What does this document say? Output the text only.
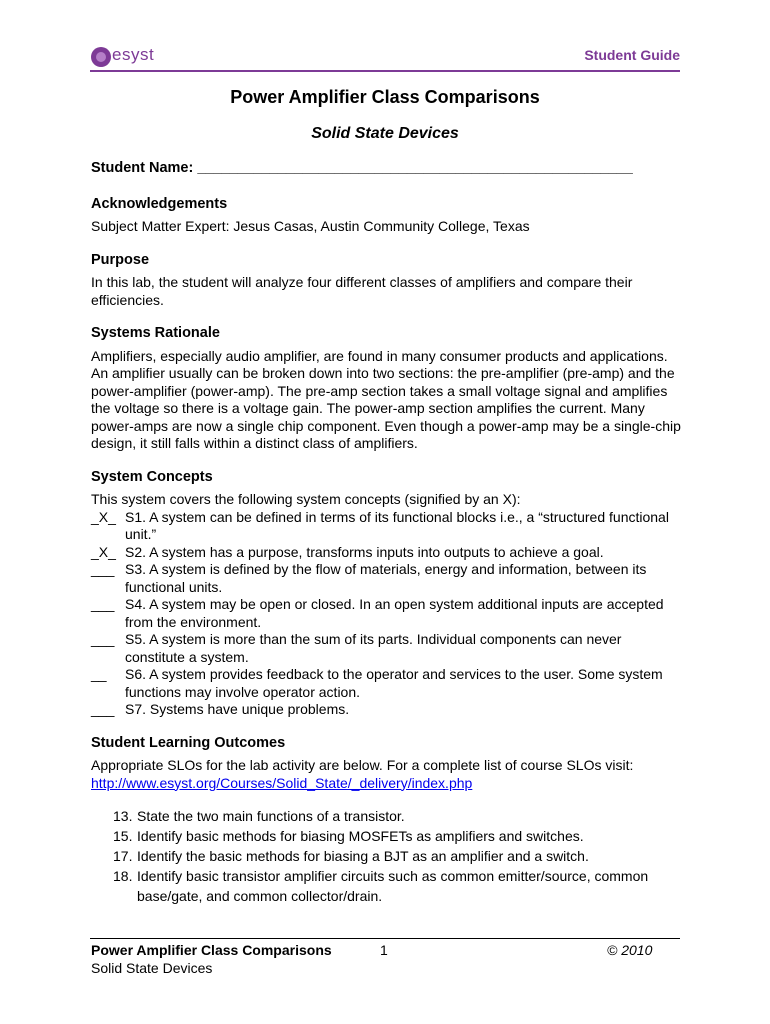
esyst	Student Guide
Power Amplifier Class Comparisons
Solid State Devices
Student Name: ______________________________________________________
Acknowledgements

Subject Matter Expert: Jesus Casas, Austin Community College, Texas

Purpose

In this lab, the student will analyze four different classes of amplifiers and compare their efficiencies.

Systems Rationale

Amplifiers, especially audio amplifier, are found in many consumer products and applications. An amplifier usually can be broken down into two sections: the pre-amplifier (pre-amp) and the power-amplifier (power-amp). The pre-amp section takes a small voltage signal and amplifies the voltage so there is a voltage gain. The power-amp section amplifies the current. Many power-amps are now a single chip component. Even though a power-amp may be a single-chip design, it still falls within a distinct class of amplifiers.

System Concepts
This system covers the following system concepts (signified by an X):
_X_ S1. A system can be defined in terms of its functional blocks i.e., a “structured functional unit.”
_X_ S2. A system has a purpose, transforms inputs into outputs to achieve a goal.
___ S3. A system is defined by the flow of materials, energy and information, between its functional units.
___ S4. A system may be open or closed. In an open system additional inputs are accepted from the environment.
___ S5. A system is more than the sum of its parts. Individual components can never constitute a system.
__	S6. A system provides feedback to the operator and services to the user. Some system functions may involve operator action.
___ S7. Systems have unique problems.
Student Learning Outcomes
Appropriate SLOs for the lab activity are below. For a complete list of course SLOs visit: http://www.esyst.org/Courses/Solid_State/_delivery/index.php
13. State the two main functions of a transistor.
15. Identify basic methods for biasing MOSFETs as amplifiers and switches.
17. Identify the basic methods for biasing a BJT as an amplifier and a switch.
18. Identify basic transistor amplifier circuits such as common emitter/source, common base/gate, and common collector/drain.
Power Amplifier Class Comparisons	1	© 2010
Solid State Devices
